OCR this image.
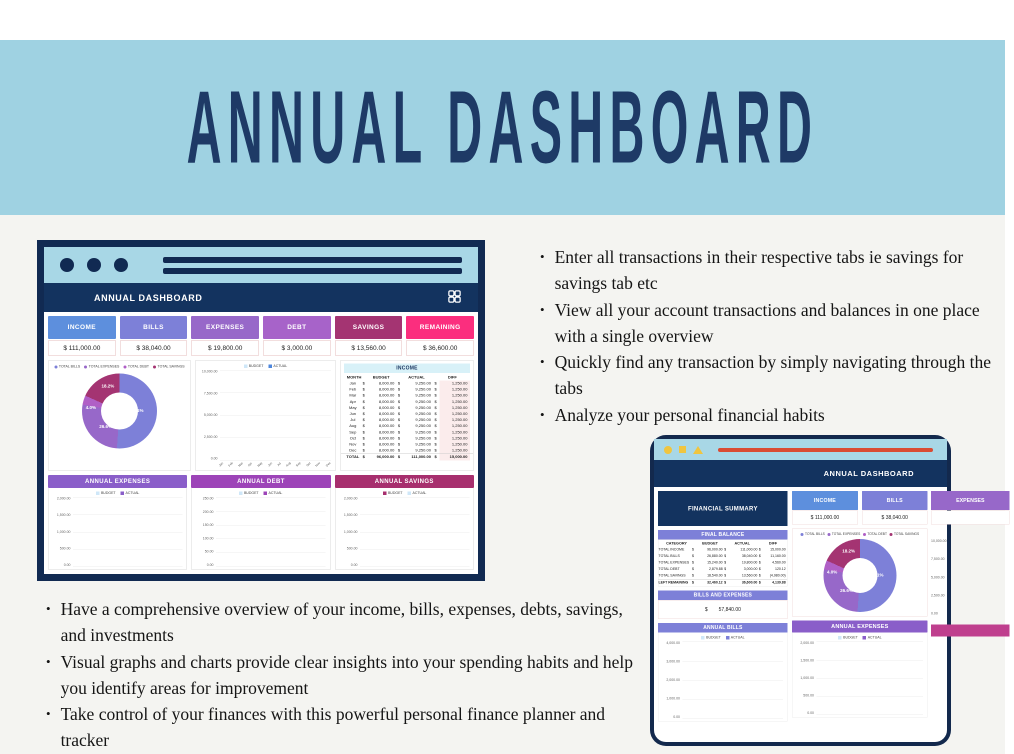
ANNUAL DASHBOARD
• Enter all transactions in their respective tabs ie savings for savings tab etc
• View all your account transactions and balances in one place with a single overview
• Quickly find any transaction by simply navigating through the tabs
• Analyze your personal financial habits
• Have a comprehensive overview of your income, bills, expenses, debts, savings, and investments
• Visual graphs and charts provide clear insights into your spending habits and help you identify areas for improvement
• Take control of your finances with this powerful personal finance planner and tracker
ANNUAL DASHBOARD
INCOME
$ 111,000.00
BILLS
$ 38,040.00
EXPENSES
$ 19,800.00
DEBT
$ 3,000.00
SAVINGS
$ 13,560.00
REMAINING
$ 36,600.00
TOTAL BILLS TOTAL EXPENSES TOTAL DEBT TOTAL SAVINGS
51.1%
26.6%
4.0%
18.2%
BUDGET ACTUAL
10,000.00
7,500.00
5,000.00
2,500.00
0.00
Jan Feb Mar Apr May Jun Jul Aug Sep Oct Nov Dec
INCOME
MONTH	BUDGET	ACTUAL	DIFF
Jan $	8,000.00 $	9,250.00 $	1,250.00
Feb $	8,000.00 $	9,250.00 $	1,250.00
Mar $	8,000.00 $	9,250.00 $	1,250.00
Apr $	8,000.00 $	9,250.00 $	1,250.00
May $	8,000.00 $	9,250.00 $	1,250.00
Jun $	8,000.00 $	9,250.00 $	1,250.00
Jul $	8,000.00 $	9,250.00 $	1,250.00
Aug $	8,000.00 $	9,250.00 $	1,250.00
Sep $	8,000.00 $	9,250.00 $	1,250.00
Oct $	8,000.00 $	9,250.00 $	1,250.00
Nov $	8,000.00 $	9,250.00 $	1,250.00
Dec $	8,000.00 $	9,250.00 $	1,250.00
TOTAL $	96,000.00 $	111,000.00 $	15,000.00
ANNUAL EXPENSES
BUDGET ACTUAL
2,000.00
1,500.00
1,000.00
500.00
0.00
ANNUAL DEBT
BUDGET ACTUAL
250.00
200.00
150.00
100.00
50.00
0.00
ANNUAL SAVINGS
BUDGET ACTUAL
2,000.00
1,500.00
1,000.00
500.00
0.00
ANNUAL DASHBOARD
FINANCIAL SUMMARY
FINAL BALANCE
CATEGORY	BUDGET	ACTUAL	DIFF
TOTAL INCOME	$	96,000.00 $	111,000.00 $	15,000.00
TOTAL BILLS	$	26,880.00 $	38,040.00 $	11,160.00
TOTAL EXPENSES $	15,240.00 $	19,800.00 $	4,560.00
TOTAL DEBT	$	2,879.88 $	3,000.00 $	120.12
TOTAL SAVINGS $	18,540.00 $	13,560.00 $	(4,980.00)
LEFT REMAINING $	32,460.12 $	36,600.00 $	4,139.88
BILLS AND EXPENSES
$ 57,840.00
ANNUAL BILLS
BUDGET ACTUAL
4,000.00
3,000.00
2,000.00
1,000.00
0.00
INCOME
$ 111,000.00
BILLS
$ 38,040.00
TOTAL BILLS TOTAL EXPENSES TOTAL DEBT TOTAL SAVINGS
51.1%
26.6%
4.0%
18.2%
ANNUAL EXPENSES
BUDGET ACTUAL
2,000.00
1,500.00
1,000.00
500.00
0.00
EXPENSES
10,000.00
7,500.00
5,000.00
2,500.00
0.00
